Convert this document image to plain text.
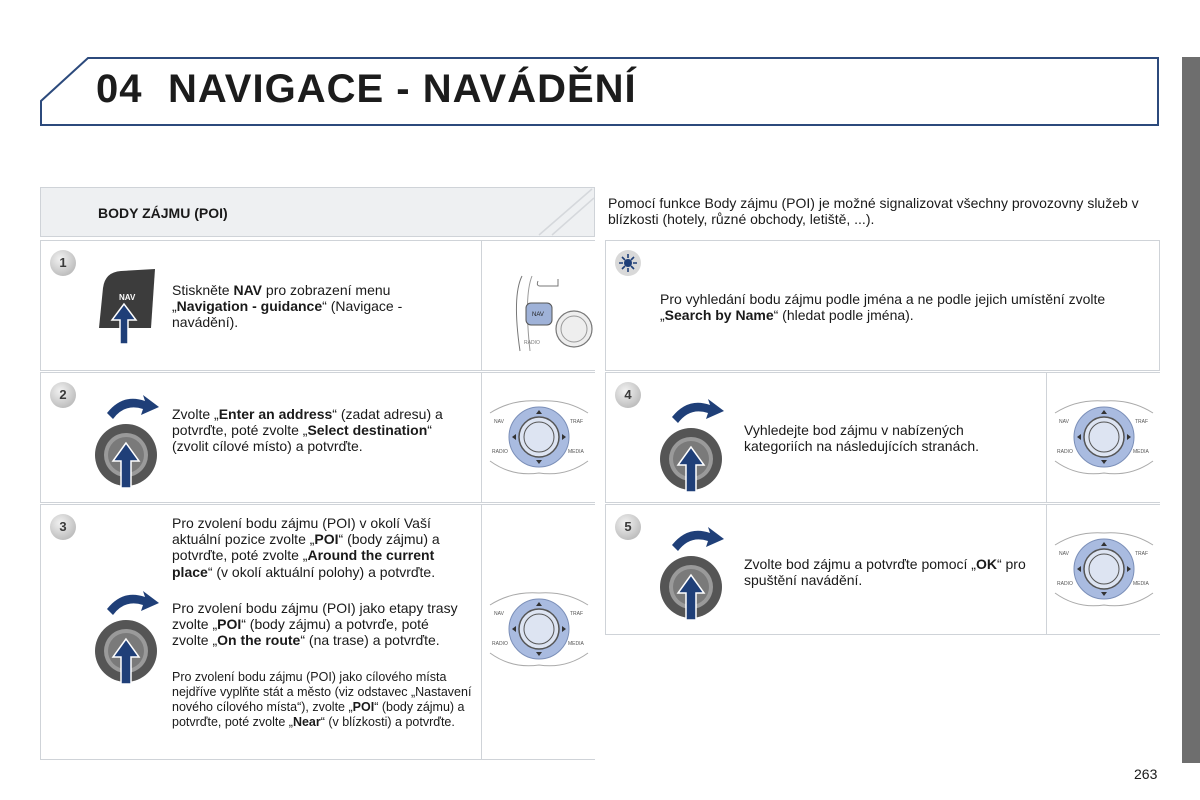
04 NAVIGACE - NAVÁDĚNÍ
BODY ZÁJMU (POI)
Pomocí funkce Body zájmu (POI) je možné signalizovat všechny provozovny služeb v blízkosti (hotely, různé obchody, letiště, ...).
1
NAV	Stiskněte NAV pro zobrazení menu „Navigation - guidance“ (Navigace - navádění).	NAV
RADIO
2
Zvolte „Enter an address“ (zadat adresu) a potvrďte, poté zvolte „Select destination“ (zvolit cílové místo) a potvrďte.
NAV	TRAF
RADIO	MEDIA
3	Pro zvolení bodu zájmu (POI) v okolí Vaší aktuální pozice zvolte „POI“ (body zájmu) a potvrďte, poté zvolte „Around the current place“ (v okolí aktuální polohy) a potvrďte.
Pro zvolení bodu zájmu (POI) jako etapy trasy zvolte „POI“ (body zájmu) a potvrďe, poté zvolte „On the route“ (na trase) a potvrďte.
Pro zvolení bodu zájmu (POI) jako cílového místa nejdříve vyplňte stát a město (viz odstavec „Nastavení nového cílového místa“), zvolte „POI“ (body zájmu) a potvrďte, poté zvolte „Near“ (v blízkosti) a potvrďte.
NAV	TRAF
RADIO	MEDIA
Pro vyhledání bodu zájmu podle jména a ne podle jejich umístění zvolte „Search by Name“ (hledat podle jména).
4
Vyhledejte bod zájmu v nabízených kategoriích na následujících stranách.
NAV	TRAF
RADIO	MEDIA
5
Zvolte bod zájmu a potvrďte pomocí „OK“ pro spuštění navádění.
NAV	TRAF
RADIO	MEDIA
263
